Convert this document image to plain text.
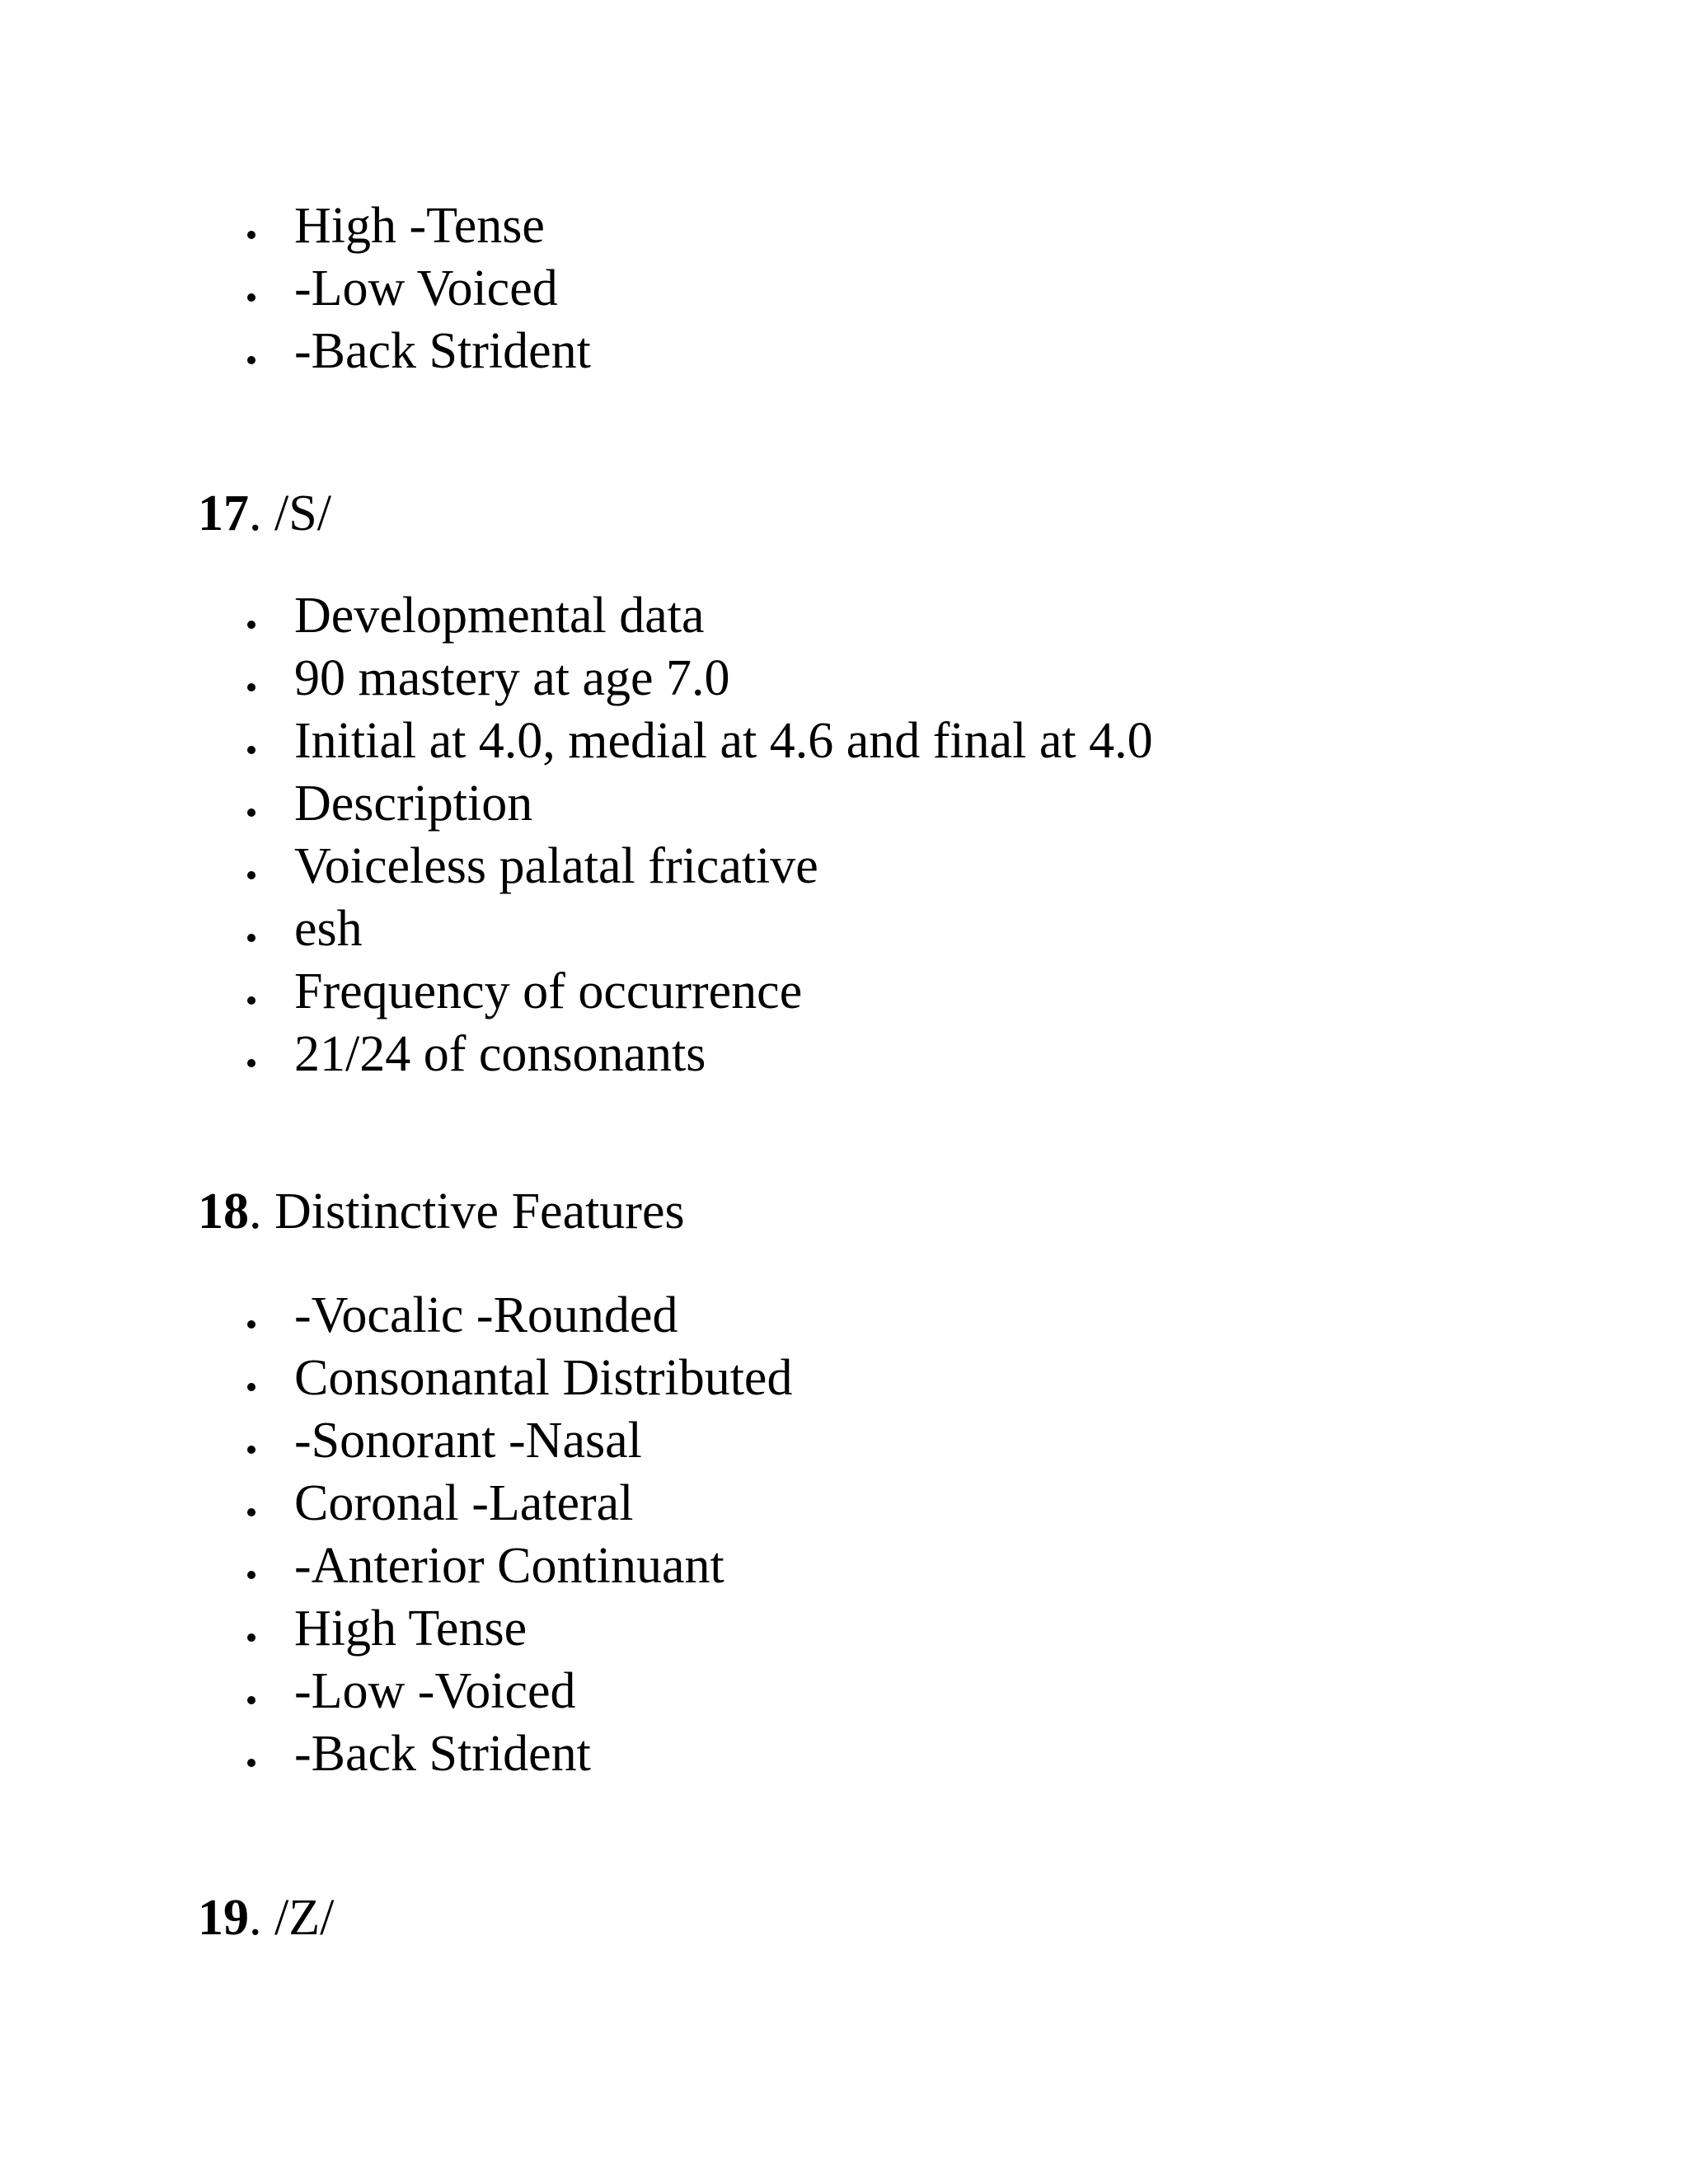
High -Tense
-Low Voiced
-Back Strident
17. /S/
Developmental data
90 mastery at age 7.0
Initial at 4.0, medial at 4.6 and final at 4.0
Description
Voiceless palatal fricative
esh
Frequency of occurrence
21/24 of consonants
18. Distinctive Features
-Vocalic -Rounded
Consonantal Distributed
-Sonorant -Nasal
Coronal -Lateral
-Anterior Continuant
High Tense
-Low -Voiced
-Back Strident
19. /Z/
